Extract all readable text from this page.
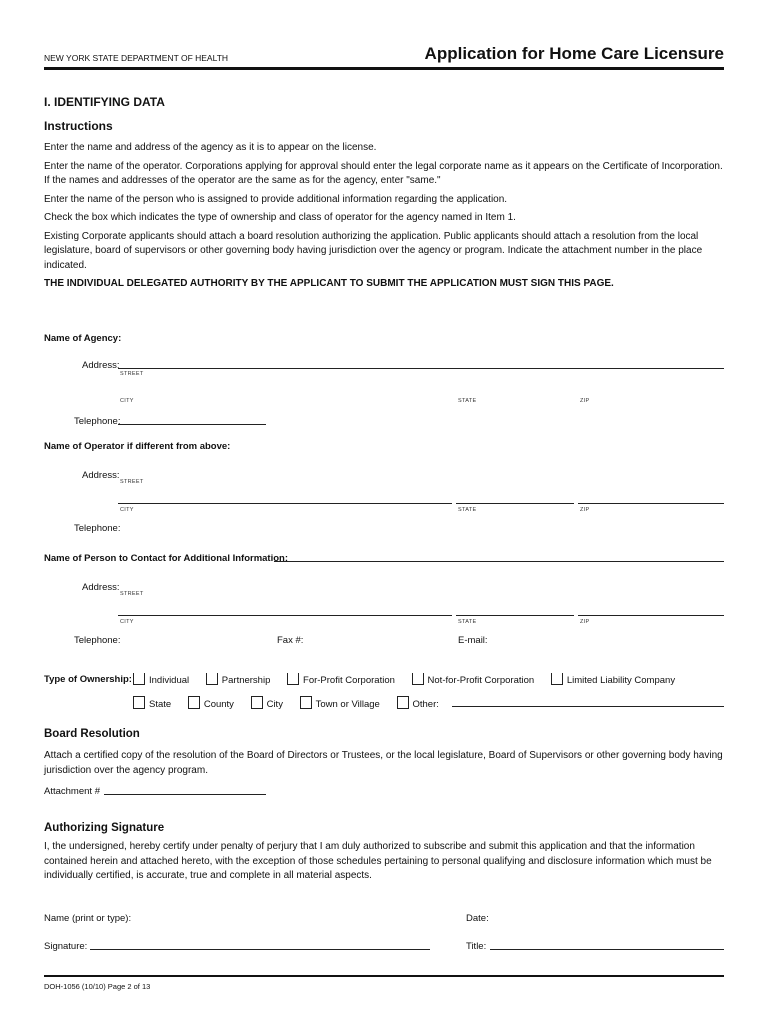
NEW YORK STATE DEPARTMENT OF HEALTH	Application for Home Care Licensure
I. IDENTIFYING DATA
Instructions

Enter the name and address of the agency as it is to appear on the license.

Enter the name of the operator. Corporations applying for approval should enter the legal corporate name as it appears on the Certificate of Incorporation. If the names and addresses of the operator are the same as for the agency, enter "same."

Enter the name of the person who is assigned to provide additional information regarding the application.

Check the box which indicates the type of ownership and class of operator for the agency named in Item 1.

Existing Corporate applicants should attach a board resolution authorizing the application. Public applicants should attach a resolution from the local legislature, board of supervisors or other governing body having jurisdiction over the agency or program. Indicate the attachment number in the place indicated.

THE INDIVIDUAL DELEGATED AUTHORITY BY THE APPLICANT TO SUBMIT THE APPLICATION MUST SIGN THIS PAGE.

Name of Agency:
Address:
STREET
CITY	STATE	ZIP
Telephone:
Name of Operator if different from above:
Address:
STREET
CITY	STATE	ZIP
Telephone:
Name of Person to Contact for Additional Information:
Address:
STREET
CITY	STATE	ZIP
Telephone:	Fax #:	E-mail:
Type of Ownership:	Individual	Partnership	For-Profit Corporation	Not-for-Profit Corporation	Limited Liability Company
State	County	City	Town or Village	Other:
Board Resolution
Attach a certified copy of the resolution of the Board of Directors or Trustees, or the local legislature, Board of Supervisors or other governing body having jurisdiction over the agency program.
Attachment #
Authorizing Signature
I, the undersigned, hereby certify under penalty of perjury that I am duly authorized to subscribe and submit this application and that the information contained herein and attached hereto, with the exception of those schedules pertaining to personal qualifying and disclosure information which must be individually certified, is accurate, true and complete in all material aspects.
Name (print or type):	Date:
Signature:	Title:
DOH-1056 (10/10) Page 2 of 13
